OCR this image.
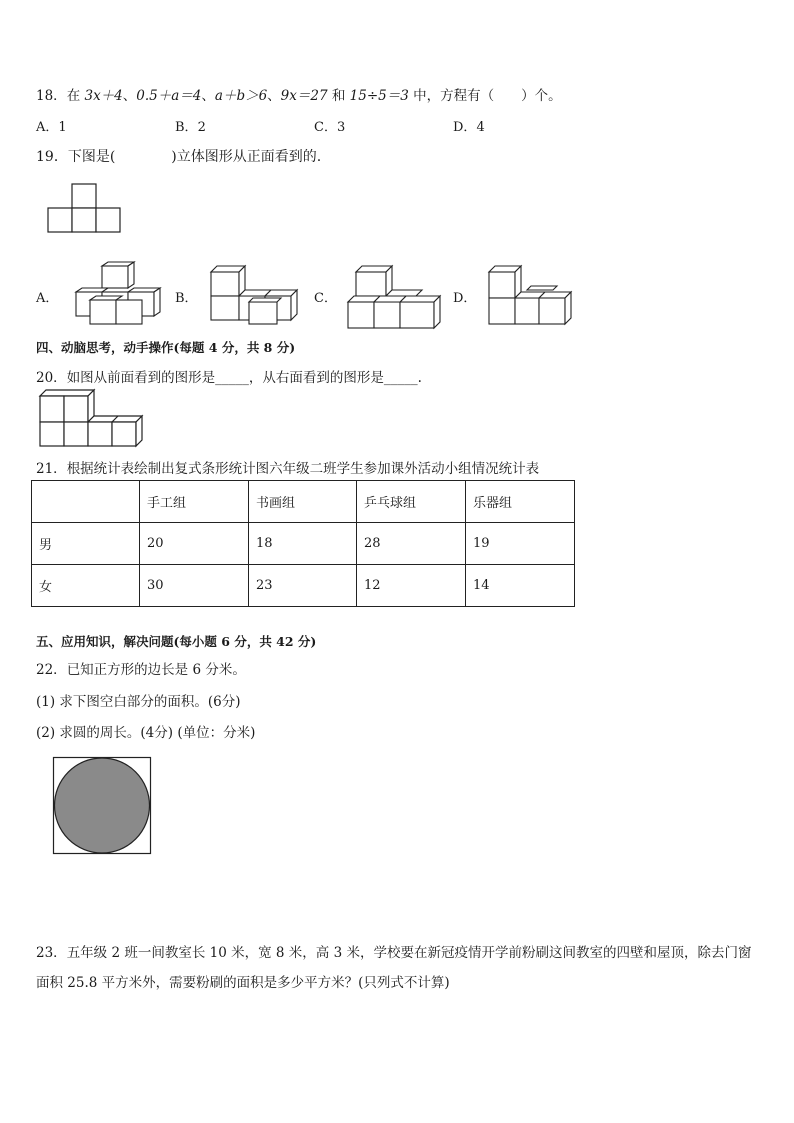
18．在 3x＋4、0.5＋a＝4、a＋b＞6、9x＝27 和 15÷5＝3 中，方程有（　　）个。
A．1	B．2	C．3	D．4
19．下图是(　　　　)立体图形从正面看到的.
A．	B．	C．	D．
四、动脑思考，动手操作(每题 4 分，共 8 分)
20．如图从前面看到的图形是_____，从右面看到的图形是_____.
21．根据统计表绘制出复式条形统计图六年级二班学生参加课外活动小组情况统计表
	手工组	书画组	乒乓球组	乐器组
男	20	18	28	19
女	30	23	12	14
五、应用知识，解决问题(每小题 6 分，共 42 分)
22．已知正方形的边长是 6 分米。
(1) 求下图空白部分的面积。(6分)
(2) 求圆的周长。(4分) (单位：分米)
23．五年级 2 班一间教室长 10 米，宽 8 米，高 3 米，学校要在新冠疫情开学前粉刷这间教室的四壁和屋顶，除去门窗
面积 25.8 平方米外，需要粉刷的面积是多少平方米？(只列式不计算)
